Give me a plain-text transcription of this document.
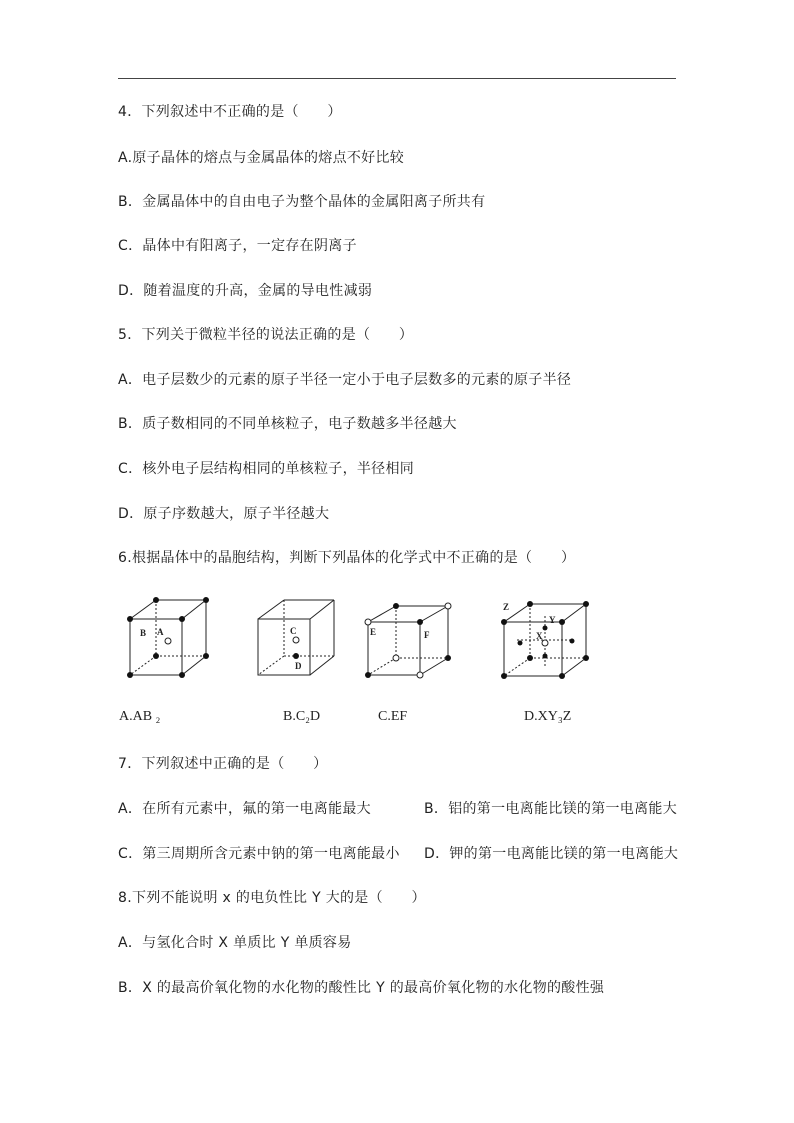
4．下列叙述中不正确的是（　　）
A.原子晶体的熔点与金属晶体的熔点不好比较
B．金属晶体中的自由电子为整个晶体的金属阳离子所共有
C．晶体中有阳离子，一定存在阴离子
D．随着温度的升高，金属的导电性减弱
5．下列关于微粒半径的说法正确的是（　　）
A．电子层数少的元素的原子半径一定小于电子层数多的元素的原子半径
B．质子数相同的不同单核粒子，电子数越多半径越大
C．核外电子层结构相同的单核粒子，半径相同
D．原子序数越大，原子半径越大
6.根据晶体中的晶胞结构，判断下列晶体的化学式中不正确的是（　　）
B A	C
D
E	F
Z
Y
X
A.AB ₂	B.C₂D	C.EF	D.XY₃Z
7．下列叙述中正确的是（　　）
A．在所有元素中，氟的第一电离能最大	B．铝的第一电离能比镁的第一电离能大
C．第三周期所含元素中钠的第一电离能最小 D．钾的第一电离能比镁的第一电离能大
8.下列不能说明 x 的电负性比 Y 大的是（　　）
A．与氢化合时 X 单质比 Y 单质容易
B．X 的最高价氧化物的水化物的酸性比 Y 的最高价氧化物的水化物的酸性强
